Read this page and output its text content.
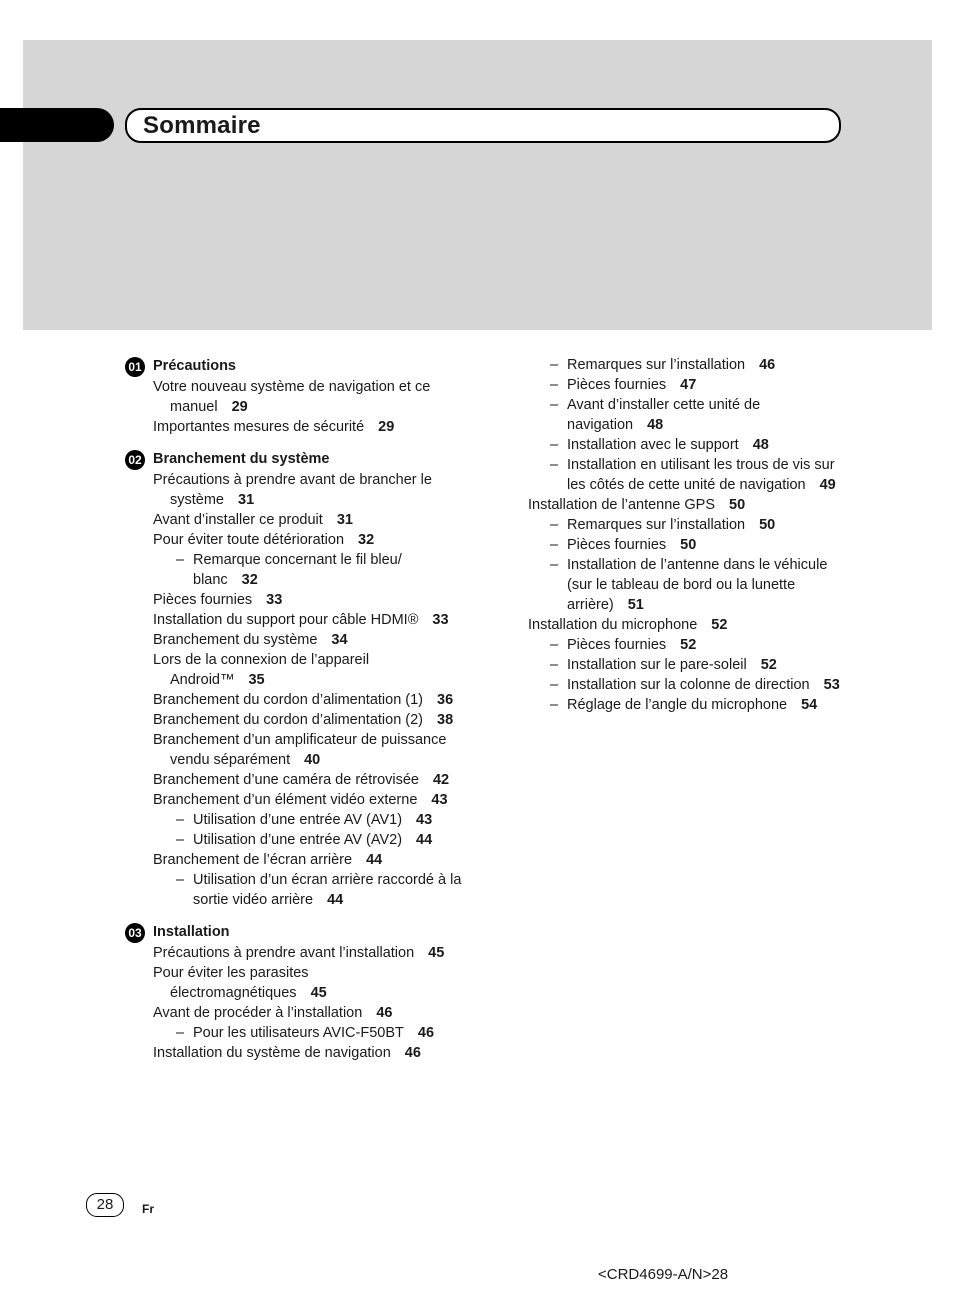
Sommaire
01 Précautions
Votre nouveau système de navigation et ce manuel 29
Importantes mesures de sécurité 29
02 Branchement du système
Précautions à prendre avant de brancher le système 31
Avant d’installer ce produit 31
Pour éviter toute détérioration 32
– Remarque concernant le fil bleu/ blanc 32
Pièces fournies 33
Installation du support pour câble HDMI® 33
Branchement du système 34
Lors de la connexion de l’appareil Android™ 35
Branchement du cordon d’alimentation (1) 36
Branchement du cordon d’alimentation (2) 38
Branchement d’un amplificateur de puissance vendu séparément 40
Branchement d’une caméra de rétrovisée 42
Branchement d’un élément vidéo externe 43
– Utilisation d’une entrée AV (AV1) 43
– Utilisation d’une entrée AV (AV2) 44
Branchement de l’écran arrière 44
– Utilisation d’un écran arrière raccordé à la sortie vidéo arrière 44
03 Installation
Précautions à prendre avant l’installation 45
Pour éviter les parasites électromagnétiques 45
Avant de procéder à l’installation 46
– Pour les utilisateurs AVIC-F50BT 46
Installation du système de navigation 46
– Remarques sur l’installation 46
– Pièces fournies 47
– Avant d’installer cette unité de navigation 48
– Installation avec le support 48
– Installation en utilisant les trous de vis sur les côtés de cette unité de navigation 49
Installation de l’antenne GPS 50
– Remarques sur l’installation 50
– Pièces fournies 50
– Installation de l’antenne dans le véhicule (sur le tableau de bord ou la lunette arrière) 51
Installation du microphone 52
– Pièces fournies 52
– Installation sur le pare-soleil 52
– Installation sur la colonne de direction 53
– Réglage de l’angle du microphone 54
28	Fr
<CRD4699-A/N>28
